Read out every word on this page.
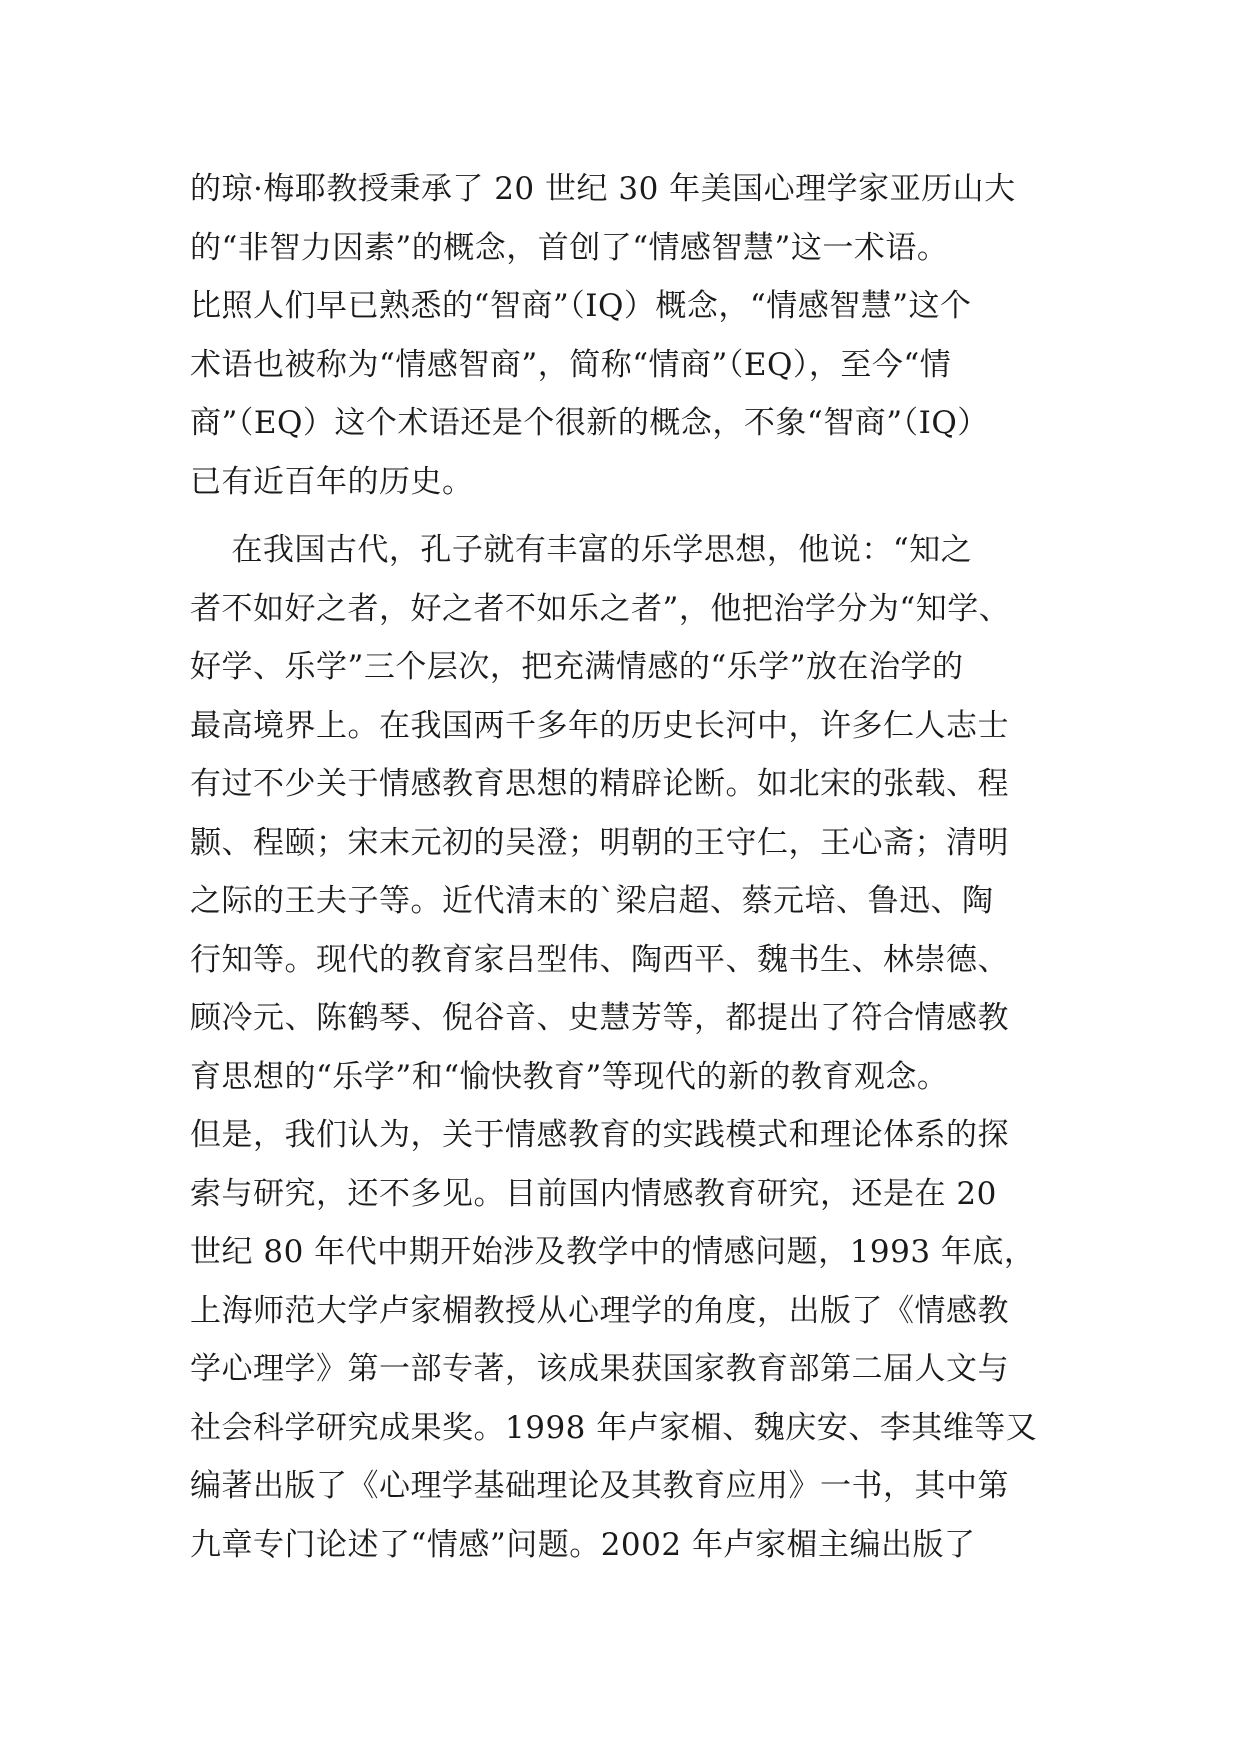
的琼·梅耶教授秉承了 20 世纪 30 年美国心理学家亚历山大
的“非智力因素”的概念，首创了“情感智慧”这一术语。
比照人们早已熟悉的“智商”（IQ）概念，“情感智慧”这个
术语也被称为“情感智商”，简称“情商”（EQ），至今“情
商”（EQ）这个术语还是个很新的概念，不象“智商”（IQ）
已有近百年的历史。
在我国古代，孔子就有丰富的乐学思想，他说：“知之
者不如好之者，好之者不如乐之者”，他把治学分为“知学、
好学、乐学”三个层次，把充满情感的“乐学”放在治学的
最高境界上。在我国两千多年的历史长河中，许多仁人志士
有过不少关于情感教育思想的精辟论断。如北宋的张载、程
颢、程颐；宋末元初的吴澄；明朝的王守仁，王心斋；清明
之际的王夫子等。近代清末的`梁启超、蔡元培、鲁迅、陶
行知等。现代的教育家吕型伟、陶西平、魏书生、林崇德、
顾冷元、陈鹤琴、倪谷音、史慧芳等，都提出了符合情感教
育思想的“乐学”和“愉快教育”等现代的新的教育观念。
但是，我们认为，关于情感教育的实践模式和理论体系的探
索与研究，还不多见。目前国内情感教育研究，还是在 20
世纪 80 年代中期开始涉及教学中的情感问题，1993 年底，
上海师范大学卢家楣教授从心理学的角度，出版了《情感教
学心理学》第一部专著，该成果获国家教育部第二届人文与
社会科学研究成果奖。1998 年卢家楣、魏庆安、李其维等又
编著出版了《心理学基础理论及其教育应用》一书，其中第
九章专门论述了“情感”问题。2002 年卢家楣主编出版了
